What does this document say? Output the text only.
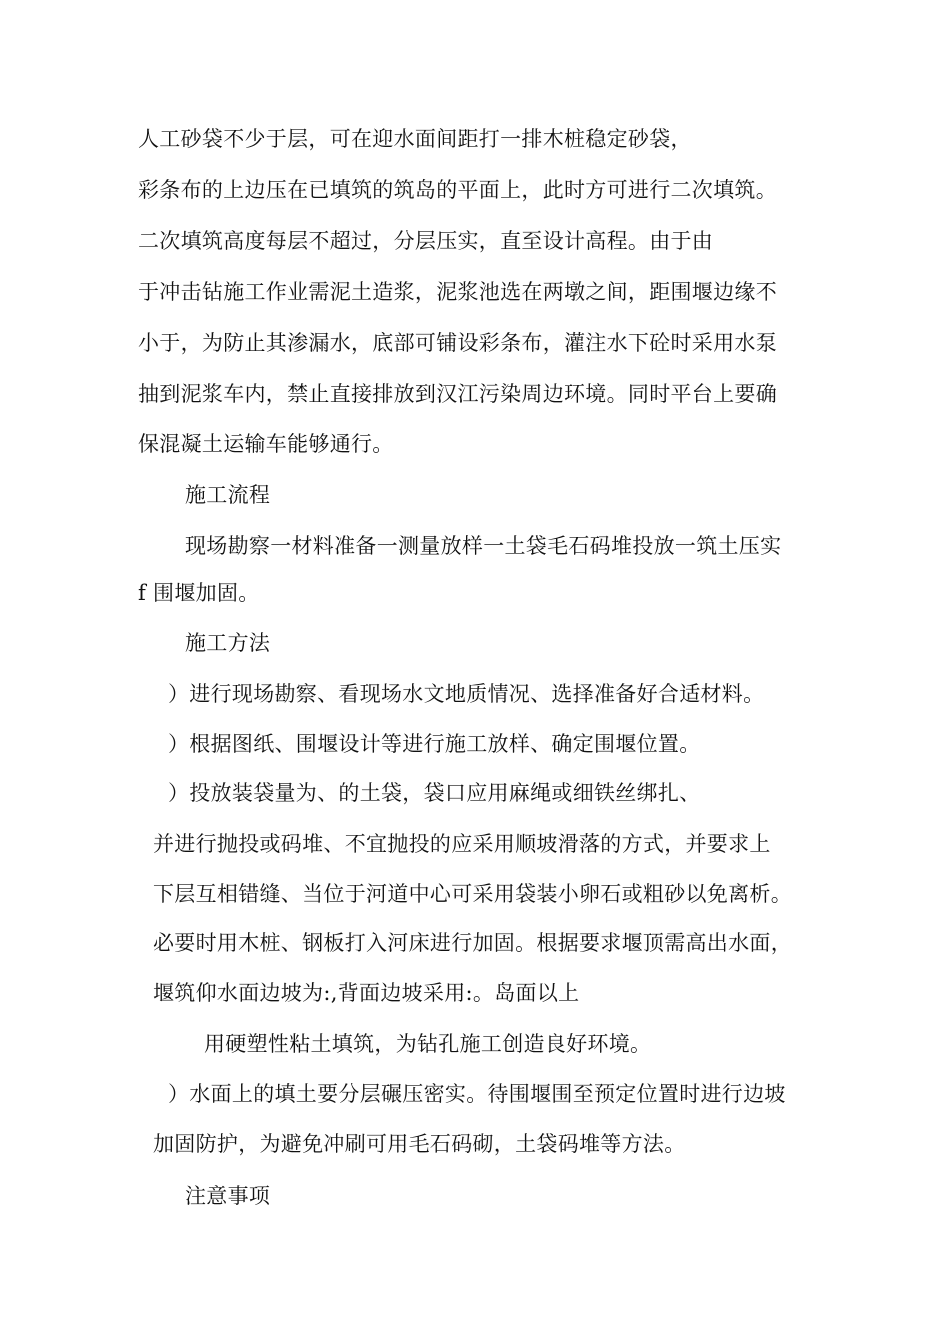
人工砂袋不少于层，可在迎水面间距打一排木桩稳定砂袋，
彩条布的上边压在已填筑的筑岛的平面上，此时方可进行二次填筑。
二次填筑高度每层不超过，分层压实，直至设计高程。由于由
于冲击钻施工作业需泥土造浆，泥浆池选在两墩之间，距围堰边缘不
小于，为防止其渗漏水，底部可铺设彩条布，灌注水下砼时采用水泵
抽到泥浆车内，禁止直接排放到汉江污染周边环境。同时平台上要确
保混凝土运输车能够通行。
施工流程
现场勘察一材料准备一测量放样一土袋毛石码堆投放一筑土压实
f 围堰加固。
施工方法
）进行现场勘察、看现场水文地质情况、选择准备好合适材料。
）根据图纸、围堰设计等进行施工放样、确定围堰位置。
）投放装袋量为、的土袋，袋口应用麻绳或细铁丝绑扎、
并进行抛投或码堆、不宜抛投的应采用顺坡滑落的方式，并要求上
下层互相错缝、当位于河道中心可采用袋装小卵石或粗砂以免离析。
必要时用木桩、钢板打入河床进行加固。根据要求堰顶需高出水面，
堰筑仰水面边坡为:,背面边坡采用:。岛面以上
用硬塑性粘土填筑，为钻孔施工创造良好环境。
）水面上的填土要分层碾压密实。待围堰围至预定位置时进行边坡
加固防护，为避免冲刷可用毛石码砌，土袋码堆等方法。
注意事项
